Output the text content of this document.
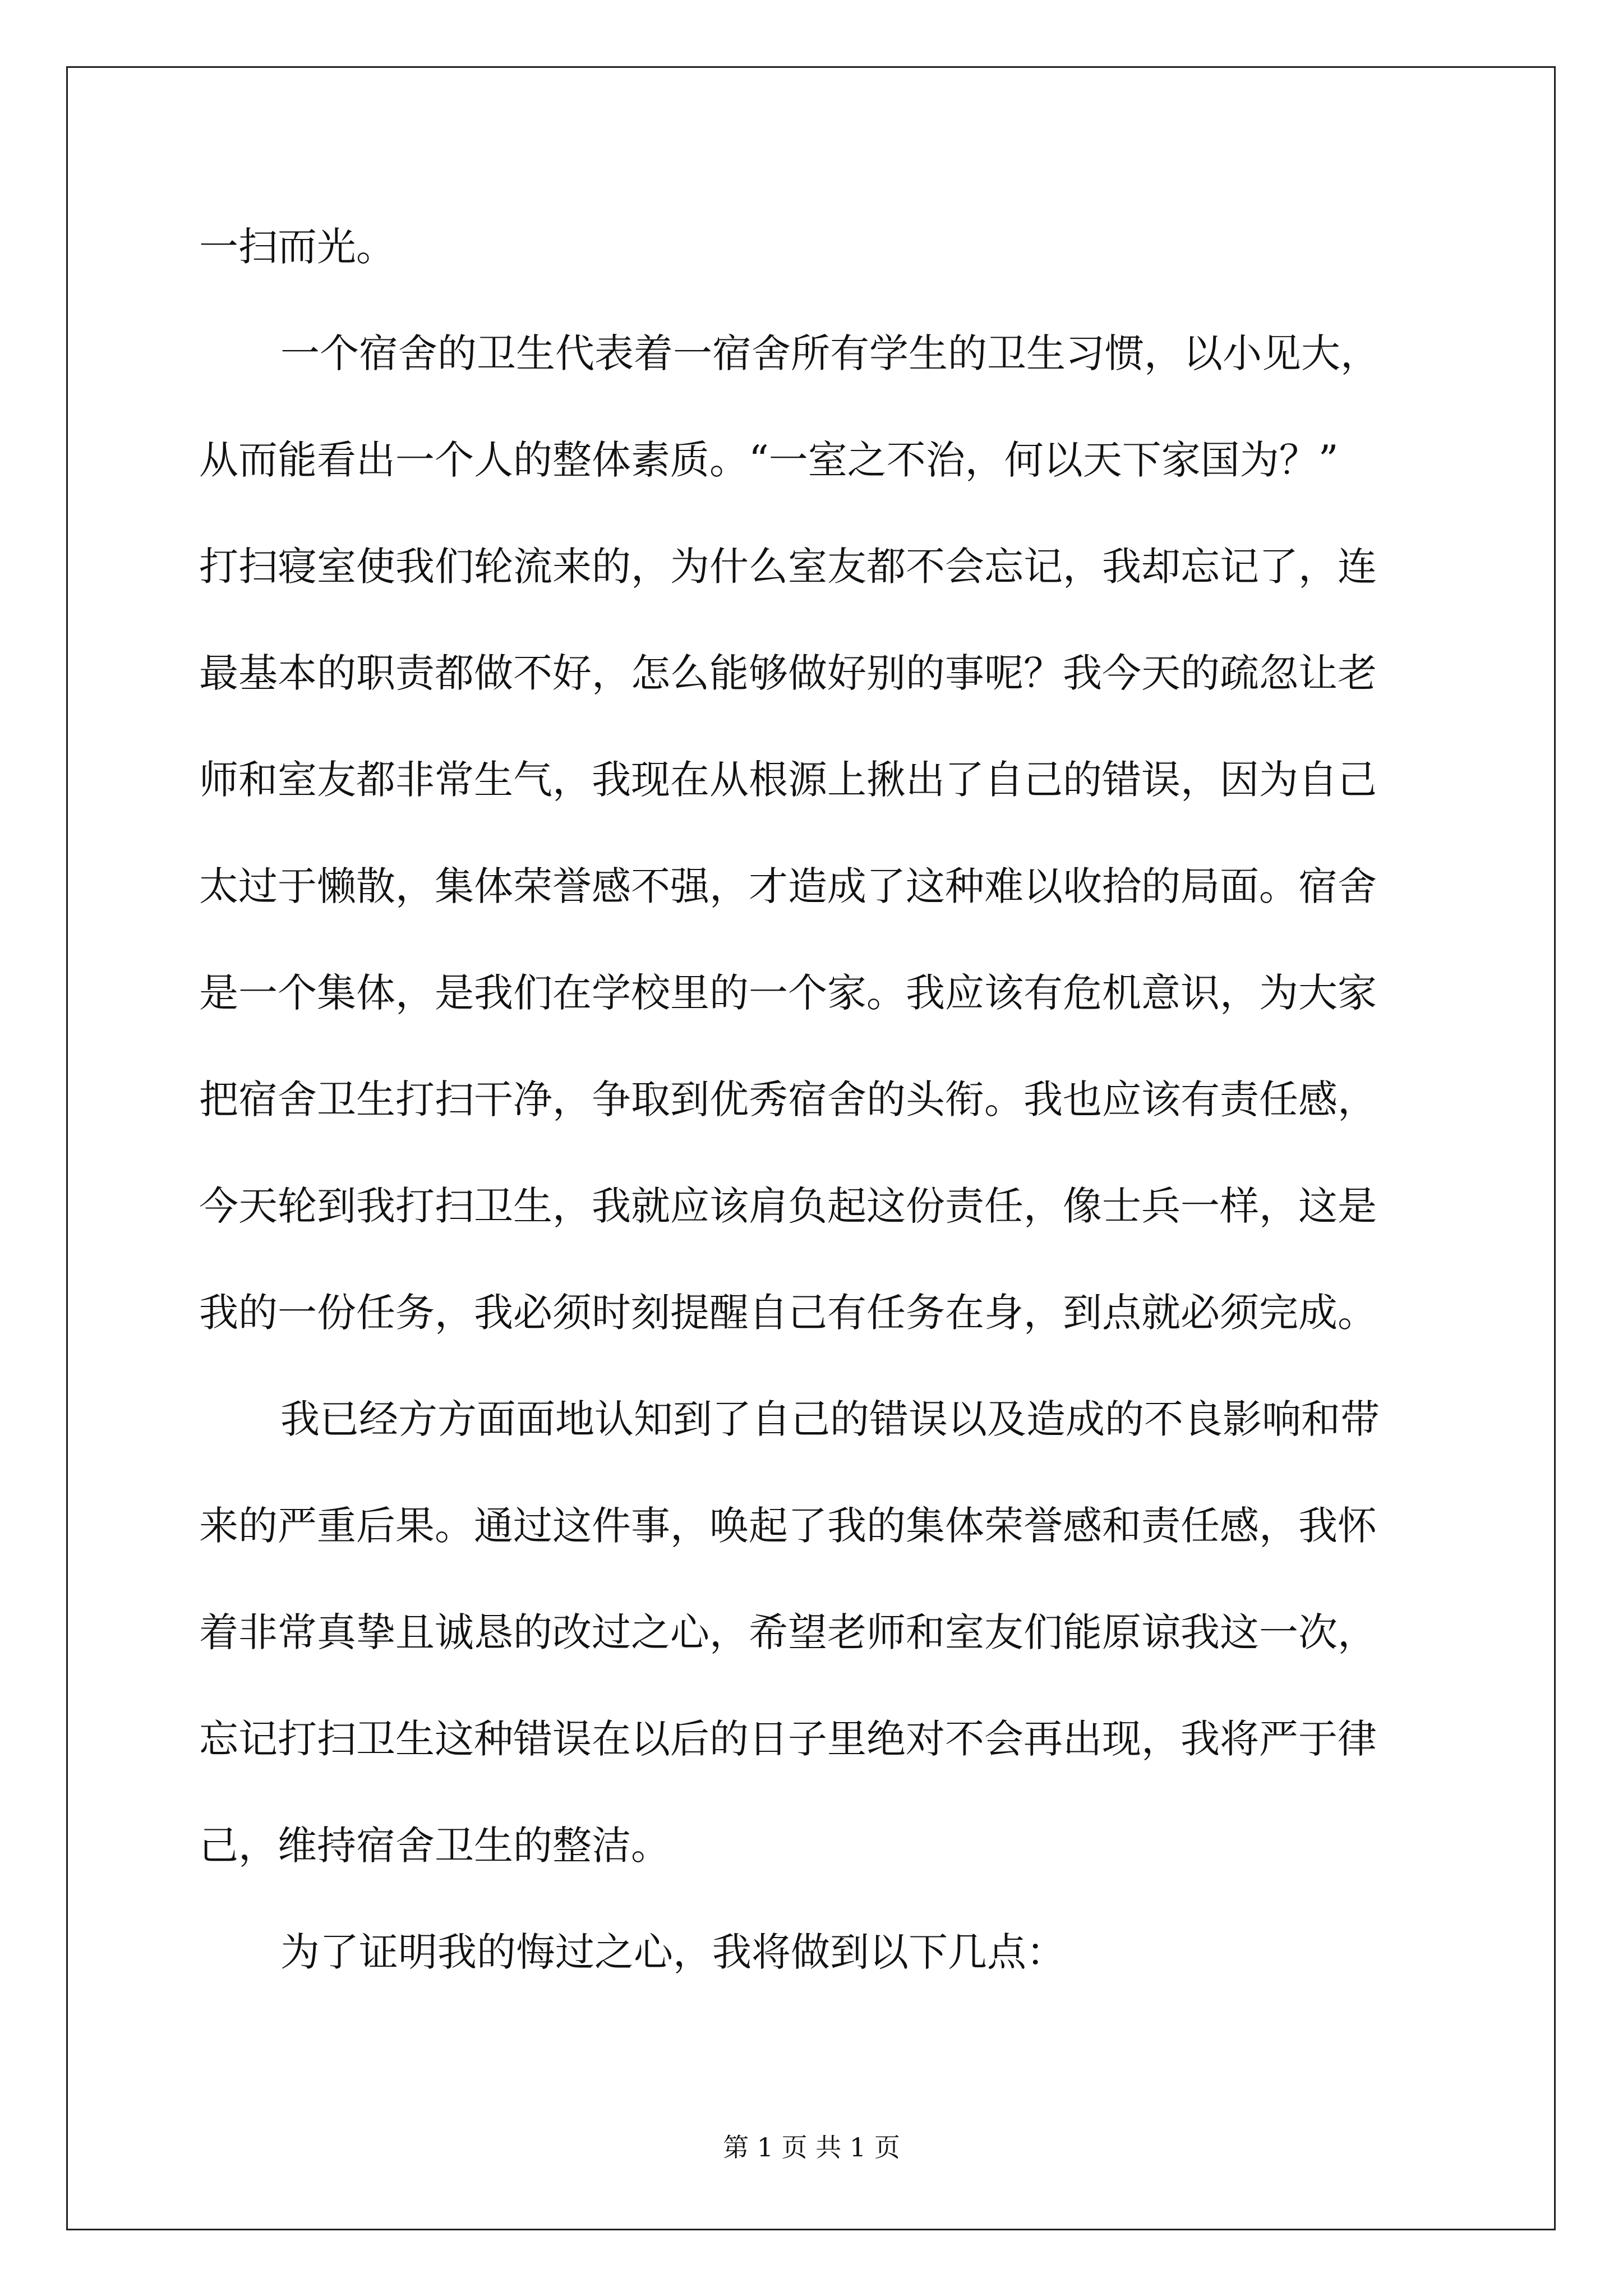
一扫而光。
一个宿舍的卫生代表着一宿舍所有学生的卫生习惯，以小见大，
从而能看出一个人的整体素质。“一室之不治，何以天下家国为？”
打扫寝室使我们轮流来的，为什么室友都不会忘记，我却忘记了，连
最基本的职责都做不好，怎么能够做好别的事呢？我今天的疏忽让老
师和室友都非常生气，我现在从根源上揪出了自己的错误，因为自己
太过于懒散，集体荣誉感不强，才造成了这种难以收拾的局面。宿舍
是一个集体，是我们在学校里的一个家。我应该有危机意识，为大家
把宿舍卫生打扫干净，争取到优秀宿舍的头衔。我也应该有责任感，
今天轮到我打扫卫生，我就应该肩负起这份责任，像士兵一样，这是
我的一份任务，我必须时刻提醒自己有任务在身，到点就必须完成。
我已经方方面面地认知到了自己的错误以及造成的不良影响和带
来的严重后果。通过这件事，唤起了我的集体荣誉感和责任感，我怀
着非常真挚且诚恳的改过之心，希望老师和室友们能原谅我这一次，
忘记打扫卫生这种错误在以后的日子里绝对不会再出现，我将严于律
己，维持宿舍卫生的整洁。
为了证明我的悔过之心，我将做到以下几点：
第 1 页 共 1 页
